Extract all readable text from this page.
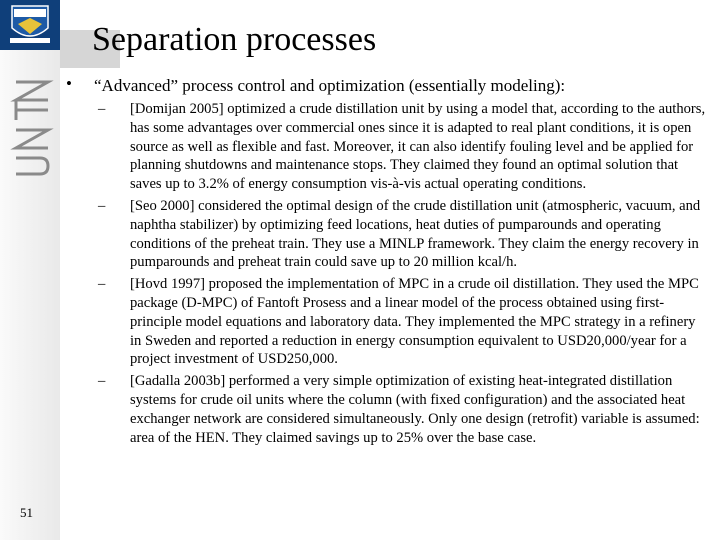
Separation processes
• “Advanced” process control and optimization (essentially modeling):
– [Domijan 2005] optimized a crude distillation unit by using a model that, according to the authors, has some advantages over commercial ones since it is adapted to real plant conditions, it is open source as well as flexible and fast. Moreover, it can also identify fouling level and be applied for planning shutdowns and maintenance stops. They claimed they found an optimal solution that saves up to 3.2% of energy consumption vis-à-vis actual operating conditions.
– [Seo 2000] considered the optimal design of the crude distillation unit (atmospheric, vacuum, and naphtha stabilizer) by optimizing feed locations, heat duties of pumparounds and operating conditions of the preheat train. They use a MINLP framework. They claim the energy recovery in pumparounds and preheat train could save up to 20 million kcal/h.
– [Hovd 1997] proposed the implementation of MPC in a crude oil distillation. They used the MPC package (D-MPC) of Fantoft Prosess and a linear model of the process obtained using first-principle model equations and laboratory data. They implemented the MPC strategy in a refinery in Sweden and reported a reduction in energy consumption equivalent to USD20,000/year for a project investment of USD250,000.
– [Gadalla 2003b] performed a very simple optimization of existing heat-integrated distillation systems for crude oil units where the column (with fixed configuration) and the associated heat exchanger network are considered simultaneously. Only one design (retrofit) variable is assumed: area of the HEN. They claimed savings up to 25% over the base case.
51
